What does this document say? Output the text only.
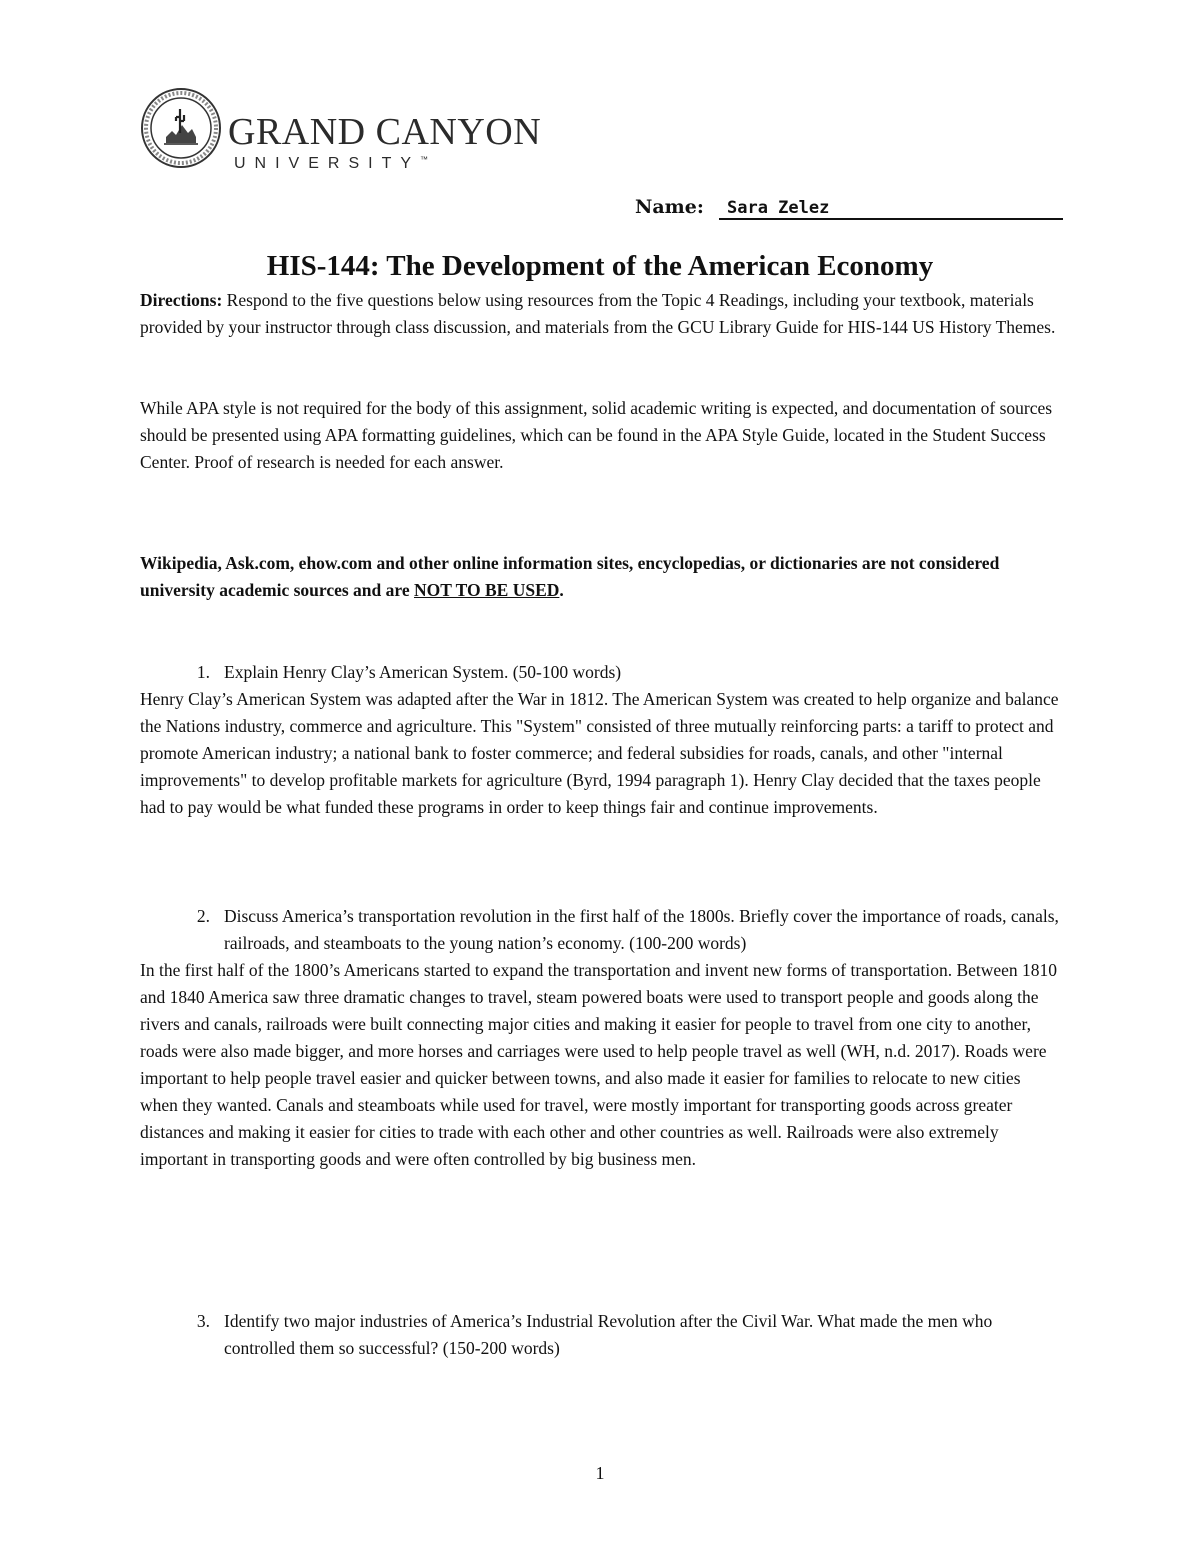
GRAND CANYON
UNIVERSITY™
Name: Sara Zelez
HIS-144: The Development of the American Economy

Directions: Respond to the five questions below using resources from the Topic 4 Readings, including your textbook, materials provided by your instructor through class discussion, and materials from the GCU Library Guide for HIS-144 US History Themes.

While APA style is not required for the body of this assignment, solid academic writing is expected, and documentation of sources should be presented using APA formatting guidelines, which can be found in the APA Style Guide, located in the Student Success Center. Proof of research is needed for each answer.

Wikipedia, Ask.com, ehow.com and other online information sites, encyclopedias, or dictionaries are not considered university academic sources and are NOT TO BE USED.

1. Explain Henry Clay’s American System. (50-100 words)

Henry Clay’s American System was adapted after the War in 1812. The American System was created to help organize and balance the Nations industry, commerce and agriculture. This "System" consisted of three mutually reinforcing parts: a tariff to protect and promote American industry; a national bank to foster commerce; and federal subsidies for roads, canals, and other "internal improvements" to develop profitable markets for agriculture (Byrd, 1994 paragraph 1). Henry Clay decided that the taxes people had to pay would be what funded these programs in order to keep things fair and continue improvements.

2. Discuss America’s transportation revolution in the first half of the 1800s. Briefly cover the importance of roads, canals, railroads, and steamboats to the young nation’s economy. (100-200 words)

In the first half of the 1800’s Americans started to expand the transportation and invent new forms of transportation. Between 1810 and 1840 America saw three dramatic changes to travel, steam powered boats were used to transport people and goods along the rivers and canals, railroads were built connecting major cities and making it easier for people to travel from one city to another, roads were also made bigger, and more horses and carriages were used to help people travel as well (WH, n.d. 2017). Roads were important to help people travel easier and quicker between towns, and also made it easier for families to relocate to new cities when they wanted. Canals and steamboats while used for travel, were mostly important for transporting goods across greater distances and making it easier for cities to trade with each other and other countries as well. Railroads were also extremely important in transporting goods and were often controlled by big business men.

3. Identify two major industries of America’s Industrial Revolution after the Civil War. What made the men who controlled them so successful? (150-200 words)
1
